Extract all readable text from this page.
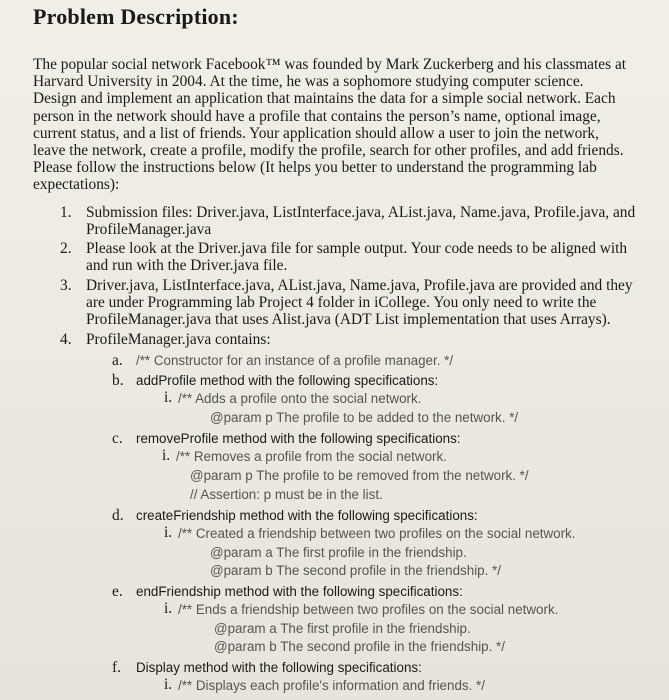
Problem Description:
The popular social network Facebook™ was founded by Mark Zuckerberg and his classmates at
Harvard University in 2004. At the time, he was a sophomore studying computer science.
Design and implement an application that maintains the data for a simple social network. Each
person in the network should have a profile that contains the person’s name, optional image,
current status, and a list of friends. Your application should allow a user to join the network,
leave the network, create a profile, modify the profile, search for other profiles, and add friends.
Please follow the instructions below (It helps you better to understand the programming lab
expectations):
1. Submission files: Driver.java, ListInterface.java, AList.java, Name.java, Profile.java, and
ProfileManager.java
2. Please look at the Driver.java file for sample output. Your code needs to be aligned with
and run with the Driver.java file.
3. Driver.java, ListInterface.java, AList.java, Name.java, Profile.java are provided and they
are under Programming lab Project 4 folder in iCollege. You only need to write the
ProfileManager.java that uses Alist.java (ADT List implementation that uses Arrays).
4. ProfileManager.java contains:
a. /** Constructor for an instance of a profile manager. */
b. addProfile method with the following specifications:
i. /** Adds a profile onto the social network.
@param p The profile to be added to the network. */
c. removeProfile method with the following specifications:
i. /** Removes a profile from the social network.
@param p The profile to be removed from the network. */
// Assertion: p must be in the list.
d. createFriendship method with the following specifications:
i. /** Created a friendship between two profiles on the social network.
@param a The first profile in the friendship.
@param b The second profile in the friendship. */
e. endFriendship method with the following specifications:
i. /** Ends a friendship between two profiles on the social network.
@param a The first profile in the friendship.
@param b The second profile in the friendship. */
f. Display method with the following specifications:
i. /** Displays each profile's information and friends. */
